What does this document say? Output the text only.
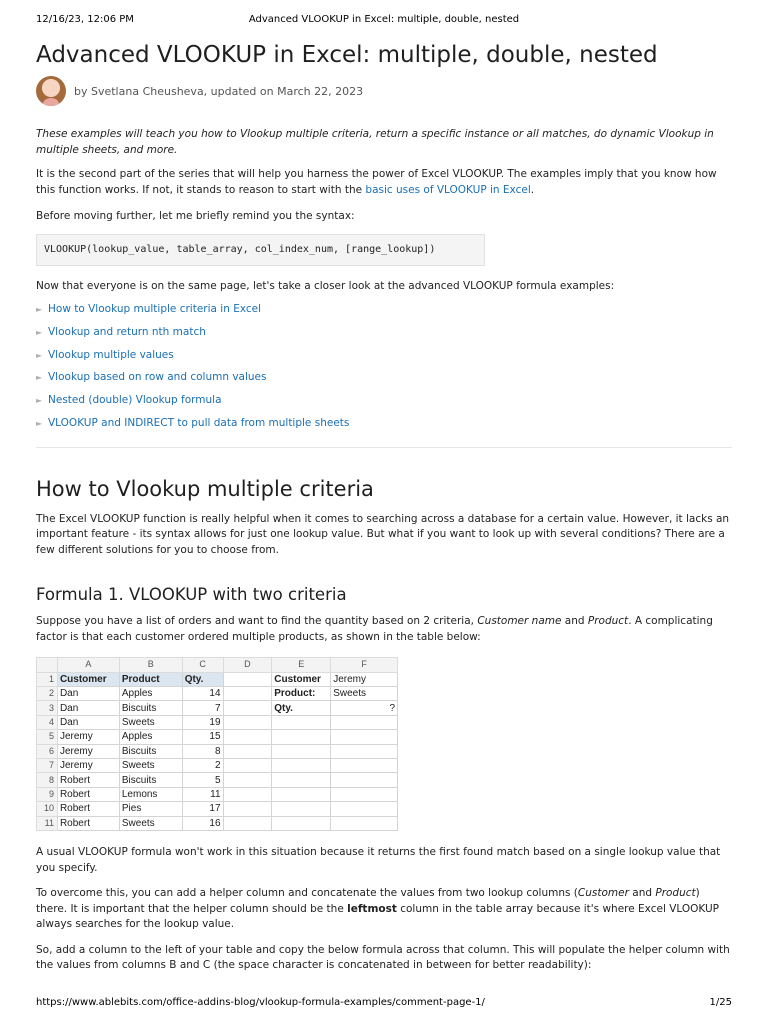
12/16/23, 12:06 PM	Advanced VLOOKUP in Excel: multiple, double, nested
Advanced VLOOKUP in Excel: multiple, double, nested
by Svetlana Cheusheva, updated on March 22, 2023

These examples will teach you how to Vlookup multiple criteria, return a specific instance or all matches, do dynamic Vlookup in multiple sheets, and more.

It is the second part of the series that will help you harness the power of Excel VLOOKUP. The examples imply that you know how this function works. If not, it stands to reason to start with the basic uses of VLOOKUP in Excel.

Before moving further, let me briefly remind you the syntax:

VLOOKUP(lookup_value, table_array, col_index_num, [range_lookup])

Now that everyone is on the same page, let's take a closer look at the advanced VLOOKUP formula examples:

► How to Vlookup multiple criteria in Excel
► Vlookup and return nth match
► Vlookup multiple values
► Vlookup based on row and column values
► Nested (double) Vlookup formula
► VLOOKUP and INDIRECT to pull data from multiple sheets
How to Vlookup multiple criteria

The Excel VLOOKUP function is really helpful when it comes to searching across a database for a certain value. However, it lacks an important feature - its syntax allows for just one lookup value. But what if you want to look up with several conditions? There are a few different solutions for you to choose from.

Formula 1. VLOOKUP with two criteria

Suppose you have a list of orders and want to find the quantity based on 2 criteria, Customer name and Product. A complicating factor is that each customer ordered multiple products, as shown in the table below:

	A	B	C	D	E	F
1	Customer	Product	Qty.		Customer	Jeremy
2	Dan	Apples	14		Product:	Sweets
3	Dan	Biscuits	7		Qty.	?
4	Dan	Sweets	19			
5	Jeremy	Apples	15			
6	Jeremy	Biscuits	8			
7	Jeremy	Sweets	2			
8	Robert	Biscuits	5			
9	Robert	Lemons	11			
10	Robert	Pies	17			
11	Robert	Sweets	16			

A usual VLOOKUP formula won't work in this situation because it returns the first found match based on a single lookup value that you specify.

To overcome this, you can add a helper column and concatenate the values from two lookup columns (Customer and Product) there. It is important that the helper column should be the leftmost column in the table array because it's where Excel VLOOKUP always searches for the lookup value.

So, add a column to the left of your table and copy the below formula across that column. This will populate the helper column with the values from columns B and C (the space character is concatenated in between for better readability):

https://www.ablebits.com/office-addins-blog/vlookup-formula-examples/comment-page-1/	1/25
